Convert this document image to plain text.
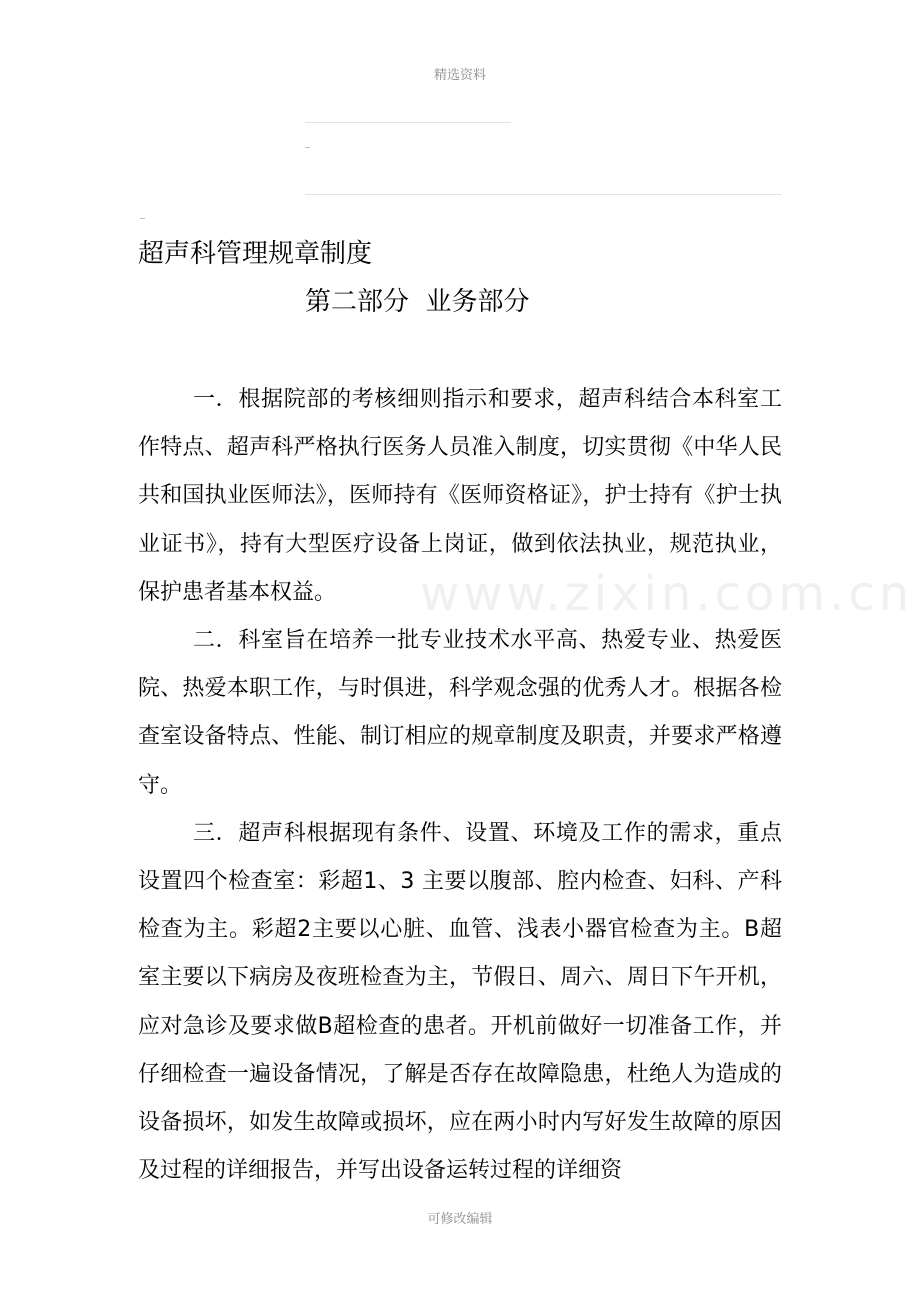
精选资料
超声科管理规章制度
第二部分  业务部分
www.zixin.com.cn

一．根据院部的考核细则指示和要求，超声科结合本科室工作特点、超声科严格执行医务人员准入制度，切实贯彻《中华人民共和国执业医师法》，医师持有《医师资格证》，护士持有《护士执业证书》，持有大型医疗设备上岗证，做到依法执业，规范执业，保护患者基本权益。

二．科室旨在培养一批专业技术水平高、热爱专业、热爱医院、热爱本职工作，与时俱进，科学观念强的优秀人才。根据各检查室设备特点、性能、制订相应的规章制度及职责，并要求严格遵守。

三．超声科根据现有条件、设置、环境及工作的需求，重点设置四个检查室：彩超1、3 主要以腹部、腔内检查、妇科、产科检查为主。彩超2主要以心脏、血管、浅表小器官检查为主。B超室主要以下病房及夜班检查为主，节假日、周六、周日下午开机，应对急诊及要求做B超检查的患者。开机前做好一切准备工作，并仔细检查一遍设备情况，了解是否存在故障隐患，杜绝人为造成的设备损坏，如发生故障或损坏，应在两小时内写好发生故障的原因及过程的详细报告，并写出设备运转过程的详细资

可修改编辑
